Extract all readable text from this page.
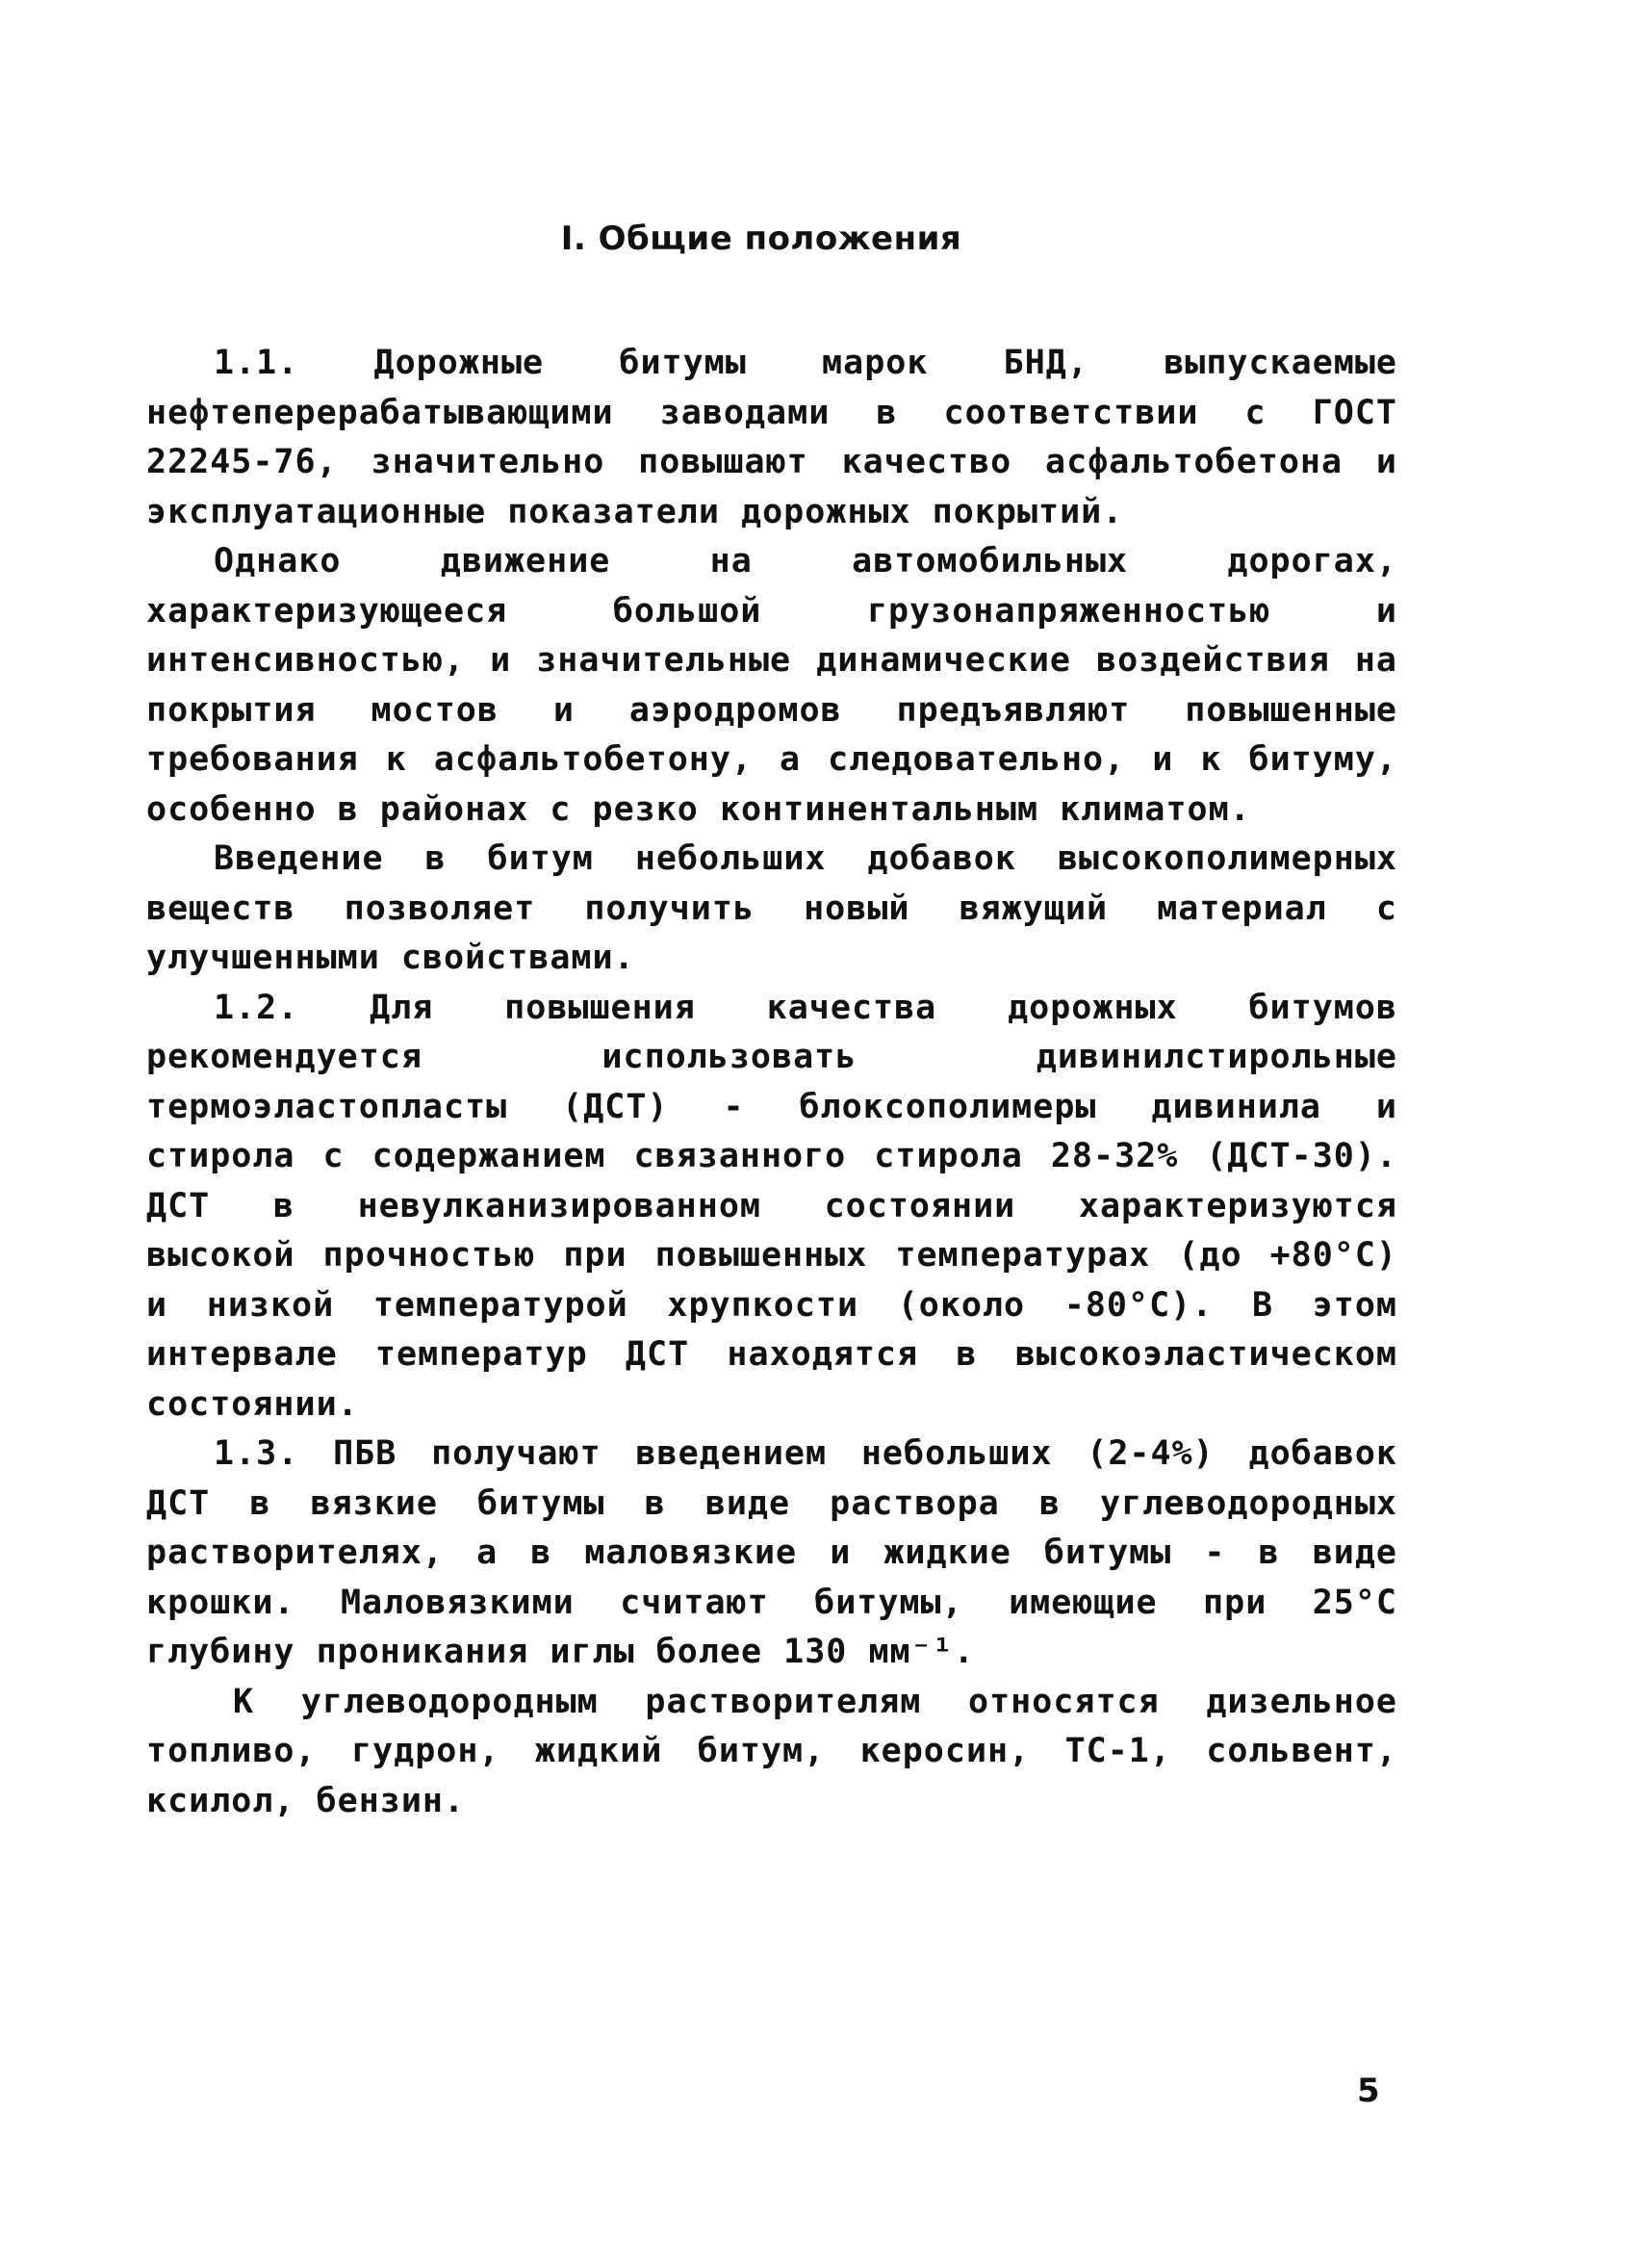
I. Общие положения

1.1. Дорожные битумы марок БНД, выпускаемые нефтеперерабатывающими заводами в соответствии с ГОСТ 22245-76, значительно повышают качество асфальтобетона и эксплуатационные показатели дорожных покрытий.

Однако движение на автомобильных дорогах, характеризующееся большой грузонапряженностью и интенсивностью, и значительные динамические воздействия на покрытия мостов и аэродромов предъявляют повышенные требования к асфальтобетону, а следовательно, и к битуму, особенно в районах с резко континентальным климатом.

Введение в битум небольших добавок высокополимерных веществ позволяет получить новый вяжущий материал с улучшенными свойствами.

1.2. Для повышения качества дорожных битумов рекомендуется использовать дивинилстирольные термоэластопласты (ДСТ) - блоксополимеры дивинила и стирола с содержанием связанного стирола 28-32% (ДСТ-30). ДСТ в невулканизированном состоянии характеризуются высокой прочностью при повышенных температурах (до +80°С) и низкой температурой хрупкости (около -80°С). В этом интервале температур ДСТ находятся в высокоэластическом состоянии.

1.3. ПБВ получают введением небольших (2-4%) добавок ДСТ в вязкие битумы в виде раствора в углеводородных растворителях, а в маловязкие и жидкие битумы - в виде крошки. Маловязкими считают битумы, имеющие при 25°С глубину проникания иглы более 130 мм⁻¹.

К углеводородным растворителям относятся дизельное топливо, гудрон, жидкий битум, керосин, ТС-1, сольвент, ксилол, бензин.

5
